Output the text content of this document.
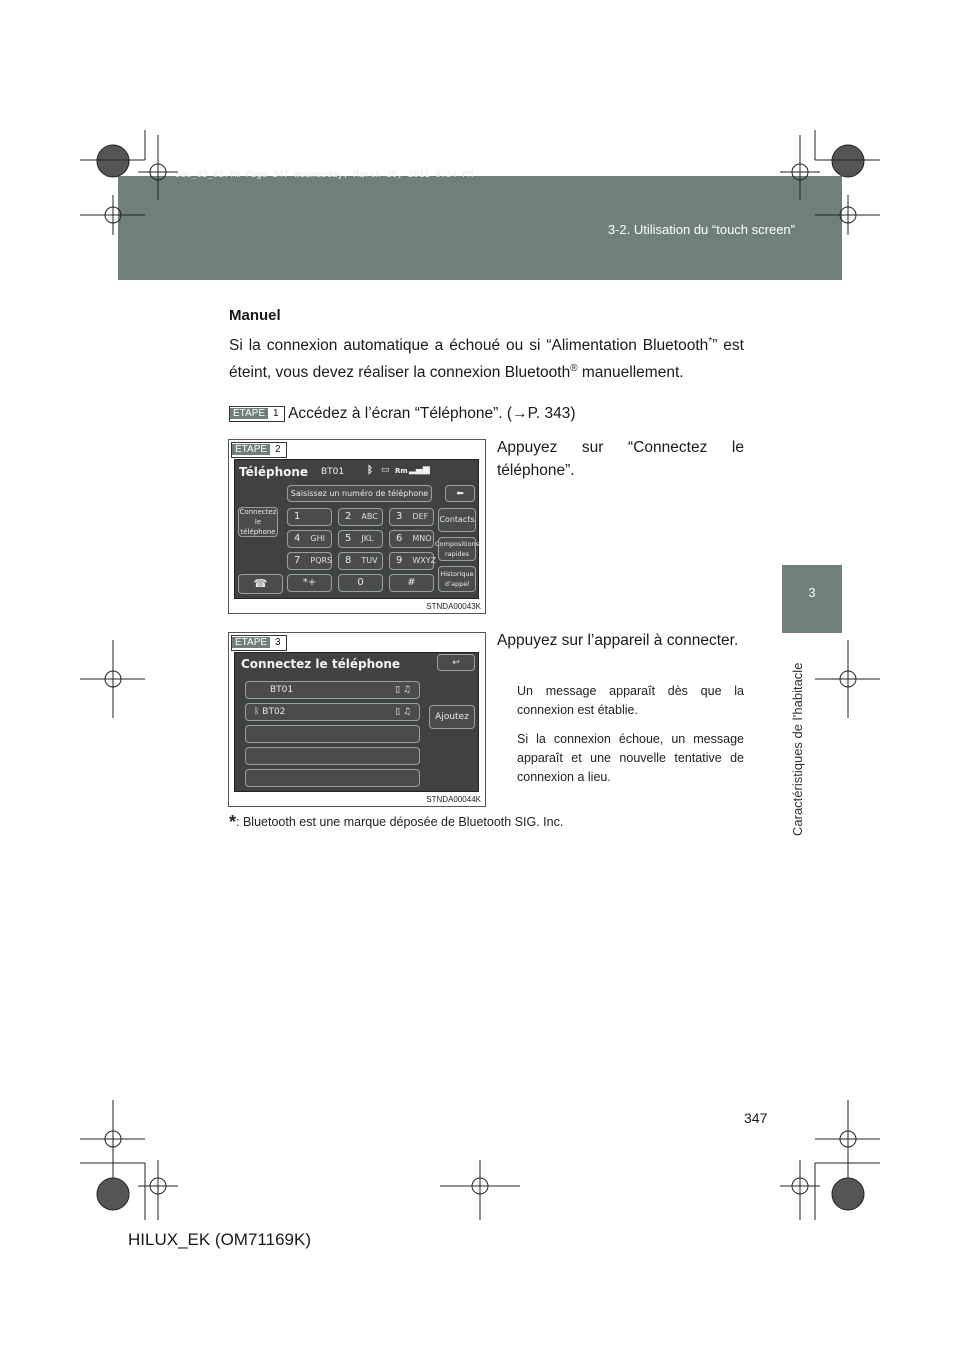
sec_03_02.fm Page 347 Wednesday, March 30, 2011 6:34 PM
3-2. Utilisation du “touch screen”
3
Caractéristiques de l’habitacle
Manuel
Si la connexion automatique a échoué ou si “Alimentation Bluetooth*” est éteint, vous devez réaliser la connexion Bluetooth® manuellement.
ÉTAPE 1 Accédez à l’écran “Téléphone”. (→P. 343)
ÉTAPE 2
Téléphone BT01 ᛒ ▭ Rm ▂▄▆
Saisissez un numéro de téléphone	⬅
Connectez le téléphone
1	2 ABC 3 DEF
4 GHI 5 JKL 6 MNO
7 PQRS 8 TUV 9 WXYZ
☎	*+	0	#
Contacts
Compositions rapides
Historique d’appel
STNDA00043K
Appuyez sur “Connectez le téléphone”.
ÉTAPE 3
Connectez le téléphone	↩
BT01	▯ ♫
ᛒ BT02	▯ ♫	Ajoutez
STNDA00044K
Appuyez sur l’appareil à connecter.
Un message apparaît dès que la connexion est établie.
Si la connexion échoue, un message apparaît et une nouvelle tentative de connexion a lieu.
*: Bluetooth est une marque déposée de Bluetooth SIG. Inc.
347
HILUX_EK (OM71169K)
